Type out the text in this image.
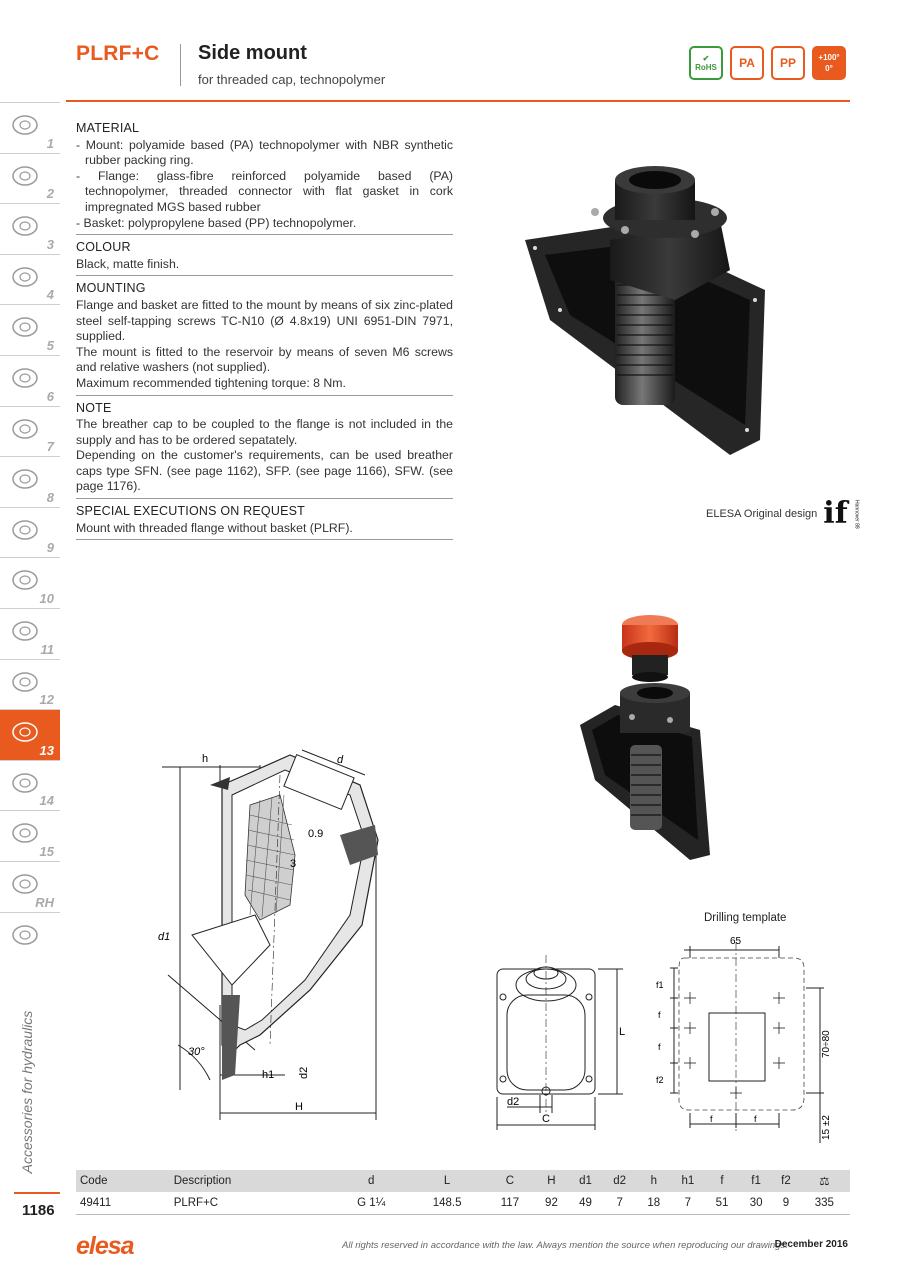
PLRF+C Side mount
for threaded cap, technopolymer
✔
RoHS	PA	PP	+100°
0°
1
2
3
4
5
6
7
8
9
10
11
12
13
14
15
RH
Accessories for hydraulics
1186
MATERIAL

- Mount: polyamide based (PA) technopolymer with NBR synthetic rubber packing ring.

- Flange: glass-fibre reinforced polyamide based (PA) technopolymer, threaded connector with flat gasket in cork impregnated MGS based rubber

- Basket: polypropylene based (PP) technopolymer.

COLOUR

Black, matte finish.

MOUNTING

Flange and basket are fitted to the mount by means of six zinc-plated steel self-tapping screws TC-N10 (Ø 4.8x19) UNI 6951-DIN 7971, supplied.

The mount is fitted to the reservoir by means of seven M6 screws and relative washers (not supplied).

Maximum recommended tightening torque: 8 Nm.

NOTE

The breather cap to be coupled to the flange is not included in the supply and has to be ordered sepatately.

Depending on the customer's requirements, can be used breather caps type SFN. (see page 1162), SFP. (see page 1166), SFW. (see page 1176).

SPECIAL EXECUTIONS ON REQUEST

Mount with threaded flange without basket (PLRF).

ELESA Original design if Hannover 88
h	d
0.9
3
d1
30°
h1 d2
H
L
d2
C
Drilling template
65
f1
f
f
f2
f	f
70÷80
15 ±2
Code	Description	d	L	C	H	d1	d2	h	h1	f	f1	f2	⚖
49411	PLRF+C	G 1¼	148.5	117	92	49	7	18	7	51	30	9	335
elesa	All rights reserved in accordance with the law. Always mention the source when reproducing our drawings.
December 2016
